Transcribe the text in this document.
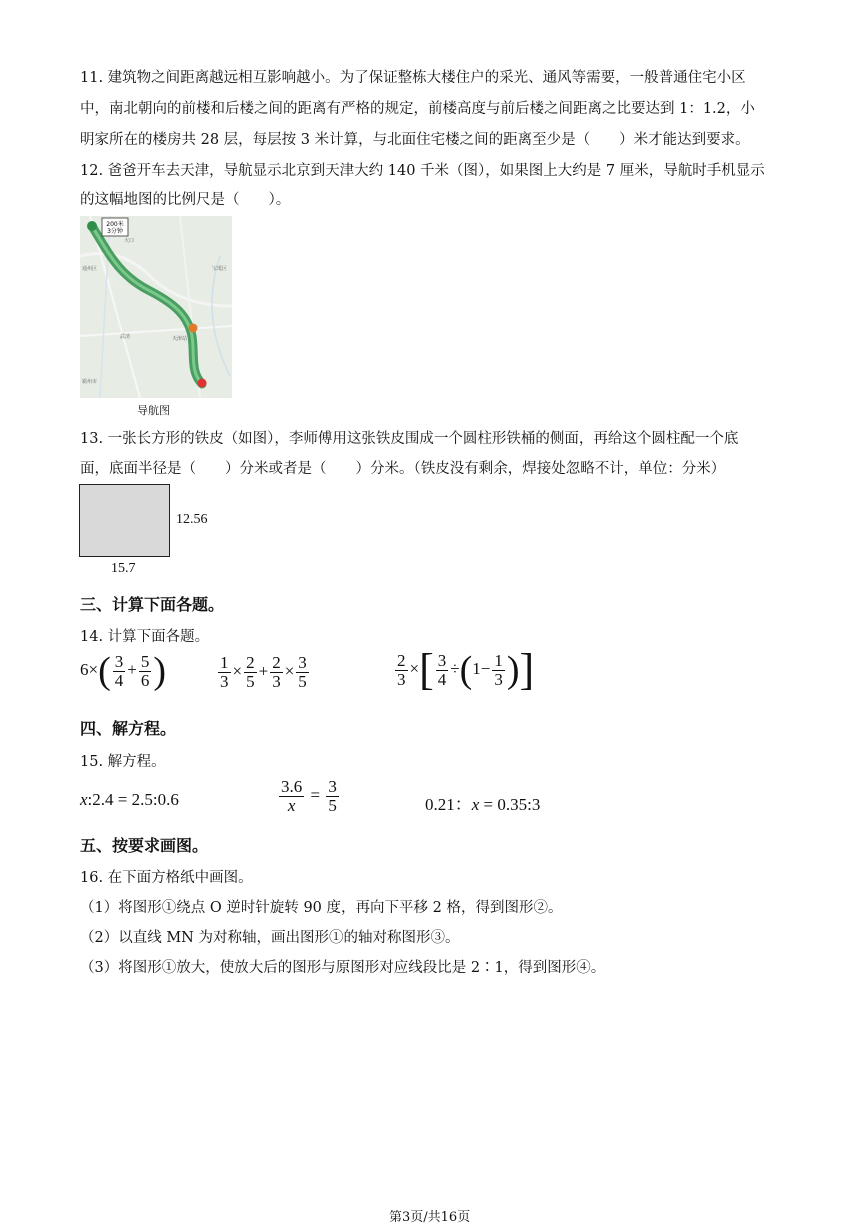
11. 建筑物之间距离越远相互影响越小。为了保证整栋大楼住户的采光、通风等需要，一般普通住宅小区
中，南北朝向的前楼和后楼之间的距离有严格的规定，前楼高度与前后楼之间距离之比要达到 1：1.2，小
明家所在的楼房共 28 层，每层按 3 米计算，与北面住宅楼之间的距离至少是（　　）米才能达到要求。
12. 爸爸开车去天津，导航显示北京到天津大约 140 千米（图），如果图上大约是 7 厘米，导航时手机显示
的这幅地图的比例尺是（　　）。
200米
3分钟
大口
通州区	宝坻区
武清
霸州市
天津站
导航图
13. 一张长方形的铁皮（如图），李师傅用这张铁皮围成一个圆柱形铁桶的侧面，再给这个圆柱配一个底
面，底面半径是（　　）分米或者是（　　）分米。（铁皮没有剩余，焊接处忽略不计，单位：分米）
12.56
15.7
三、计算下面各题。
14. 计算下面各题。
$6\times( \frac{3}{4} + \frac{5}{6}$ )	$\frac{1}{3} \times \frac{2}{5} + \frac{2}{3} \times \frac{3}{5}$	$\frac{2}{3}$ ×[ $\frac{3}{4} \div(1- \frac{1}{3}$ )]
四、解方程。
15. 解方程。
x:2.4 = 2.5:0.6	$\frac{3.6}{x} = \frac{3}{5}$	0.21：x = 0.35:3
五、按要求画图。
16. 在下面方格纸中画图。
（1）将图形①绕点 O 逆时针旋转 90 度，再向下平移 2 格，得到图形②。
（2）以直线 MN 为对称轴，画出图形①的轴对称图形③。
（3）将图形①放大，使放大后的图形与原图形对应线段比是 2∶1，得到图形④。
第3页/共16页
